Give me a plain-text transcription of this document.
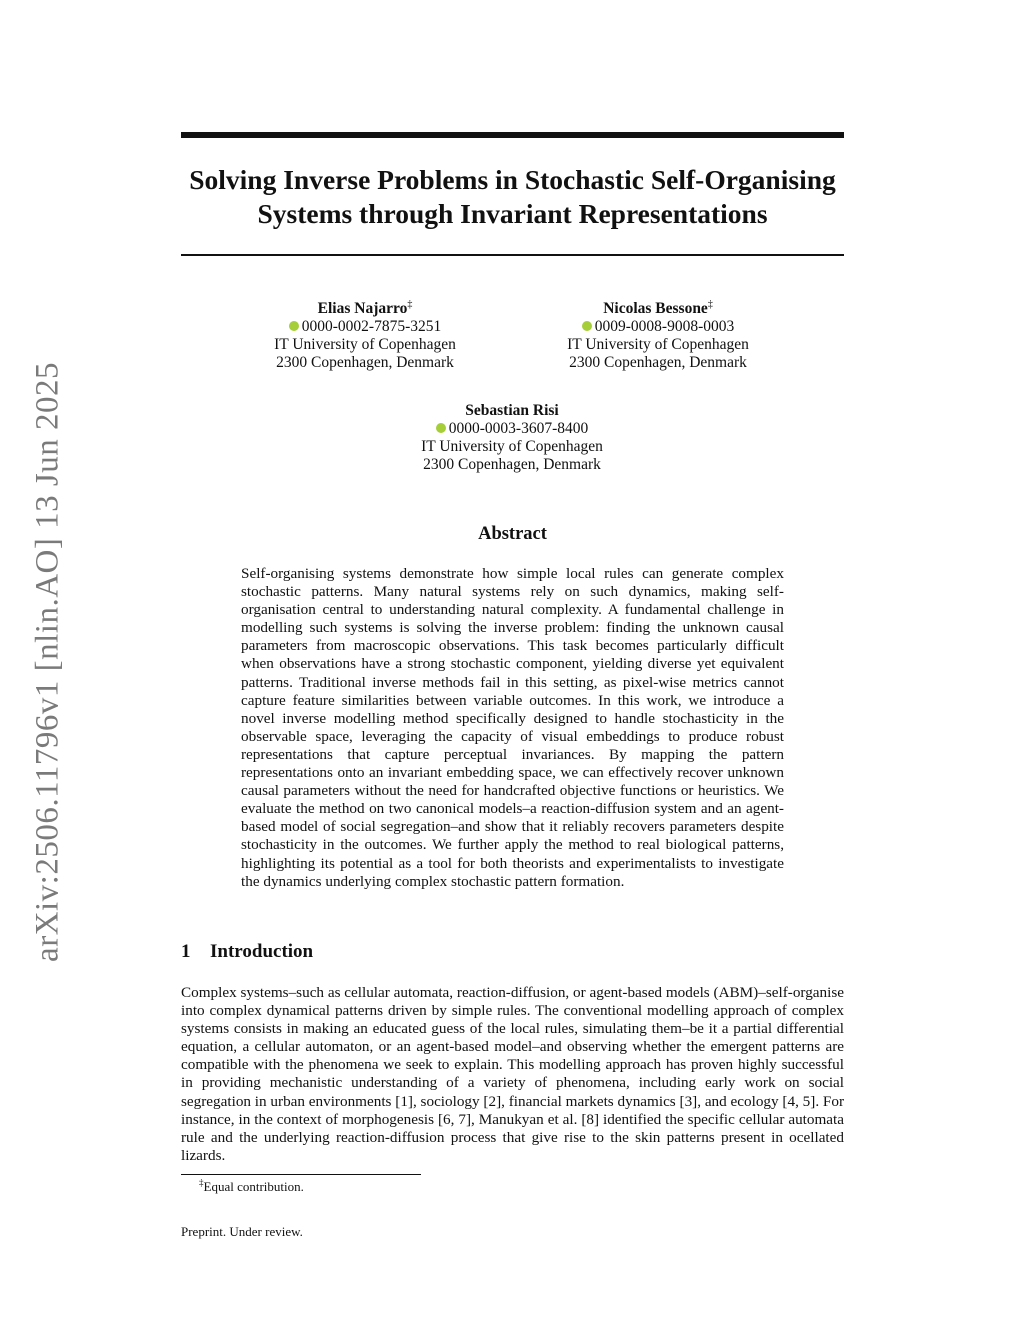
arXiv:2506.11796v1 [nlin.AO] 13 Jun 2025
Solving Inverse Problems in Stochastic Self-Organising Systems through Invariant Representations
Elias Najarro‡
0000-0002-7875-3251
IT University of Copenhagen
2300 Copenhagen, Denmark
Nicolas Bessone‡
0009-0008-9008-0003
IT University of Copenhagen
2300 Copenhagen, Denmark
Sebastian Risi
0000-0003-3607-8400
IT University of Copenhagen
2300 Copenhagen, Denmark
Abstract

Self-organising systems demonstrate how simple local rules can generate complex stochastic patterns. Many natural systems rely on such dynamics, making self-organisation central to understanding natural complexity. A fundamental challenge in modelling such systems is solving the inverse problem: finding the unknown causal parameters from macroscopic observations. This task becomes particularly difficult when observations have a strong stochastic component, yielding diverse yet equivalent patterns. Traditional inverse methods fail in this setting, as pixel-wise metrics cannot capture feature similarities between variable outcomes. In this work, we introduce a novel inverse modelling method specifically designed to handle stochasticity in the observable space, leveraging the capacity of visual embeddings to produce robust representations that capture perceptual invariances. By mapping the pattern representations onto an invariant embedding space, we can effectively recover unknown causal parameters without the need for handcrafted objective functions or heuristics. We evaluate the method on two canonical models–a reaction-diffusion system and an agent-based model of social segregation–and show that it reliably recovers parameters despite stochasticity in the outcomes. We further apply the method to real biological patterns, highlighting its potential as a tool for both theorists and experimentalists to investigate the dynamics underlying complex stochastic pattern formation.

1 Introduction

Complex systems–such as cellular automata, reaction-diffusion, or agent-based models (ABM)–self-organise into complex dynamical patterns driven by simple rules. The conventional modelling approach of complex systems consists in making an educated guess of the local rules, simulating them–be it a partial differential equation, a cellular automaton, or an agent-based model–and observing whether the emergent patterns are compatible with the phenomena we seek to explain. This modelling approach has proven highly successful in providing mechanistic understanding of a variety of phenomena, including early work on social segregation in urban environments [1], sociology [2], financial markets dynamics [3], and ecology [4, 5]. For instance, in the context of morphogenesis [6, 7], Manukyan et al. [8] identified the specific cellular automata rule and the underlying reaction-diffusion process that give rise to the skin patterns present in ocellated lizards.

‡Equal contribution.
Preprint. Under review.
